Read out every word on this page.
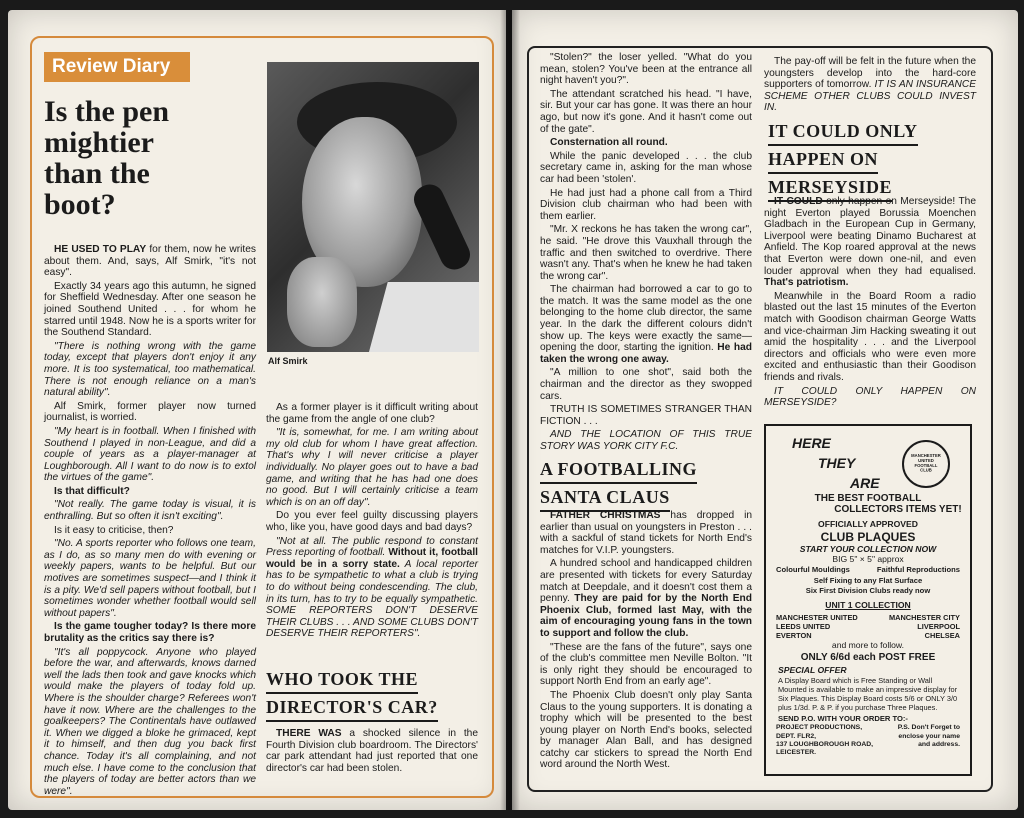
Review Diary
Is the pen
mightier
than the
boot?
Alf Smirk

HE USED TO PLAY for them, now he writes about them. And, says, Alf Smirk, "it's not easy".

Exactly 34 years ago this autumn, he signed for Sheffield Wednesday. After one season he joined Southend United . . . for whom he starred until 1948. Now he is a sports writer for the Southend Standard.

"There is nothing wrong with the game today, except that players don't enjoy it any more. It is too systematical, too mathematical. There is not enough reliance on a man's natural ability".

Alf Smirk, former player now turned journalist, is worried.

"My heart is in football. When I finished with Southend I played in non-League, and did a couple of years as a player-manager at Loughborough. All I want to do now is to extol the virtues of the game".

Is that difficult?

"Not really. The game today is visual, it is enthralling. But so often it isn't exciting".

Is it easy to criticise, then?

"No. A sports reporter who follows one team, as I do, as so many men do with evening or weekly papers, wants to be helpful. But our motives are sometimes suspect—and I think it is a pity. We'd sell papers without football, but I sometimes wonder whether football would sell without papers".

Is the game tougher today? Is there more brutality as the critics say there is?

"It's all poppycock. Anyone who played before the war, and afterwards, knows darned well the lads then took and gave knocks which would make the players of today fold up. Where is the shoulder charge? Referees won't have it now. Where are the challenges to the goalkeepers? The Continentals have outlawed it. When we digged a bloke he grimaced, kept it to himself, and then dug you back first chance. Today it's all complaining, and not much else. I have come to the conclusion that the players of today are better actors than we were".

As a former player is it difficult writing about the game from the angle of one club?

"It is, somewhat, for me. I am writing about my old club for whom I have great affection. That's why I will never criticise a player individually. No player goes out to have a bad game, and writing that he has had one does no good. But I will certainly criticise a team which is on an off day".

Do you ever feel guilty discussing players who, like you, have good days and bad days?

"Not at all. The public respond to constant Press reporting of football. Without it, football would be in a sorry state. A local reporter has to be sympathetic to what a club is trying to do without being condescending. The club, in its turn, has to try to be equally sympathetic. SOME REPORTERS DON'T DESERVE THEIR CLUBS . . . AND SOME CLUBS DON'T DESERVE THEIR REPORTERS".

WHO TOOK THE
DIRECTOR'S CAR?

THERE WAS a shocked silence in the Fourth Division club boardroom. The Directors' car park attendant had just reported that one director's car had been stolen.

"Stolen?" the loser yelled. "What do you mean, stolen? You've been at the entrance all night haven't you?".

The attendant scratched his head. "I have, sir. But your car has gone. It was there an hour ago, but now it's gone. And it hasn't come out of the gate".

Consternation all round.

While the panic developed . . . the club secretary came in, asking for the man whose car had been 'stolen'.

He had just had a phone call from a Third Division club chairman who had been with them earlier.

"Mr. X reckons he has taken the wrong car", he said. "He drove this Vauxhall through the traffic and then switched to overdrive. There wasn't any. That's when he knew he had taken the wrong car".

The chairman had borrowed a car to go to the match. It was the same model as the one belonging to the home club director, the same year. In the dark the different colours didn't show up. The keys were exactly the same—opening the door, starting the ignition. He had taken the wrong one away.

"A million to one shot", said both the chairman and the director as they swopped cars.

TRUTH IS SOMETIMES STRANGER THAN FICTION . . .

AND THE LOCATION OF THIS TRUE STORY WAS YORK CITY F.C.

A FOOTBALLING
SANTA CLAUS

FATHER CHRISTMAS has dropped in earlier than usual on youngsters in Preston . . . with a sackful of stand tickets for North End's matches for V.I.P. youngsters.

A hundred school and handicapped children are presented with tickets for every Saturday match at Deepdale, and it doesn't cost them a penny. They are paid for by the North End Phoenix Club, formed last May, with the aim of encouraging young fans in the town to support and follow the club.

"These are the fans of the future", says one of the club's committee men Neville Bolton. "It is only right they should be encouraged to support North End from an early age".

The Phoenix Club doesn't only play Santa Claus to the young supporters. It is donating a trophy which will be presented to the best young player on North End's books, selected by manager Alan Ball, and has designed catchy car stickers to spread the North End word around the North West.

The pay-off will be felt in the future when the youngsters develop into the hard-core supporters of tomorrow. IT IS AN INSURANCE SCHEME OTHER CLUBS COULD INVEST IN.

IT COULD ONLY
HAPPEN ON
MERSEYSIDE

IT COULD only happen on Merseyside! The night Everton played Borussia Moenchen Gladbach in the European Cup in Germany, Liverpool were beating Dinamo Bucharest at Anfield. The Kop roared approval at the news that Everton were down one-nil, and even louder approval when they had equalised. That's patriotism.

Meanwhile in the Board Room a radio blasted out the last 15 minutes of the Everton match with Goodison chairman George Watts and vice-chairman Jim Hacking sweating it out amid the hospitality . . . and the Liverpool directors and officials who were even more excited and enthusiastic than their Goodison friends and rivals.

IT COULD ONLY HAPPEN ON MERSEYSIDE?

HERE
THEY
ARE
MANCHESTER UNITED FOOTBALL CLUB
THE BEST FOOTBALL
COLLECTORS ITEMS YET!
OFFICIALLY APPROVED
CLUB PLAQUES
START YOUR COLLECTION NOW
BIG 5" × 5" approx
Colourful Mouldings	Faithful Reproductions
Self Fixing to any Flat Surface
Six First Division Clubs ready now
UNIT 1 COLLECTION
MANCHESTER UNITED
LEEDS UNITED
EVERTON
MANCHESTER CITY
LIVERPOOL
CHELSEA
and more to follow.
ONLY 6/6d each POST FREE
SPECIAL OFFER
A Display Board which is Free Standing or Wall Mounted is available to make an impressive display for Six Plaques. This Display Board costs 5/6 or ONLY 3/0 plus 1/3d. P. & P. if you purchase Three Plaques.
SEND P.O. WITH YOUR ORDER TO:-
PROJECT PRODUCTIONS,
DEPT. FLR2,
137 LOUGHBOROUGH ROAD,
LEICESTER.
P.S. Don't Forget to
enclose your name
and address.
